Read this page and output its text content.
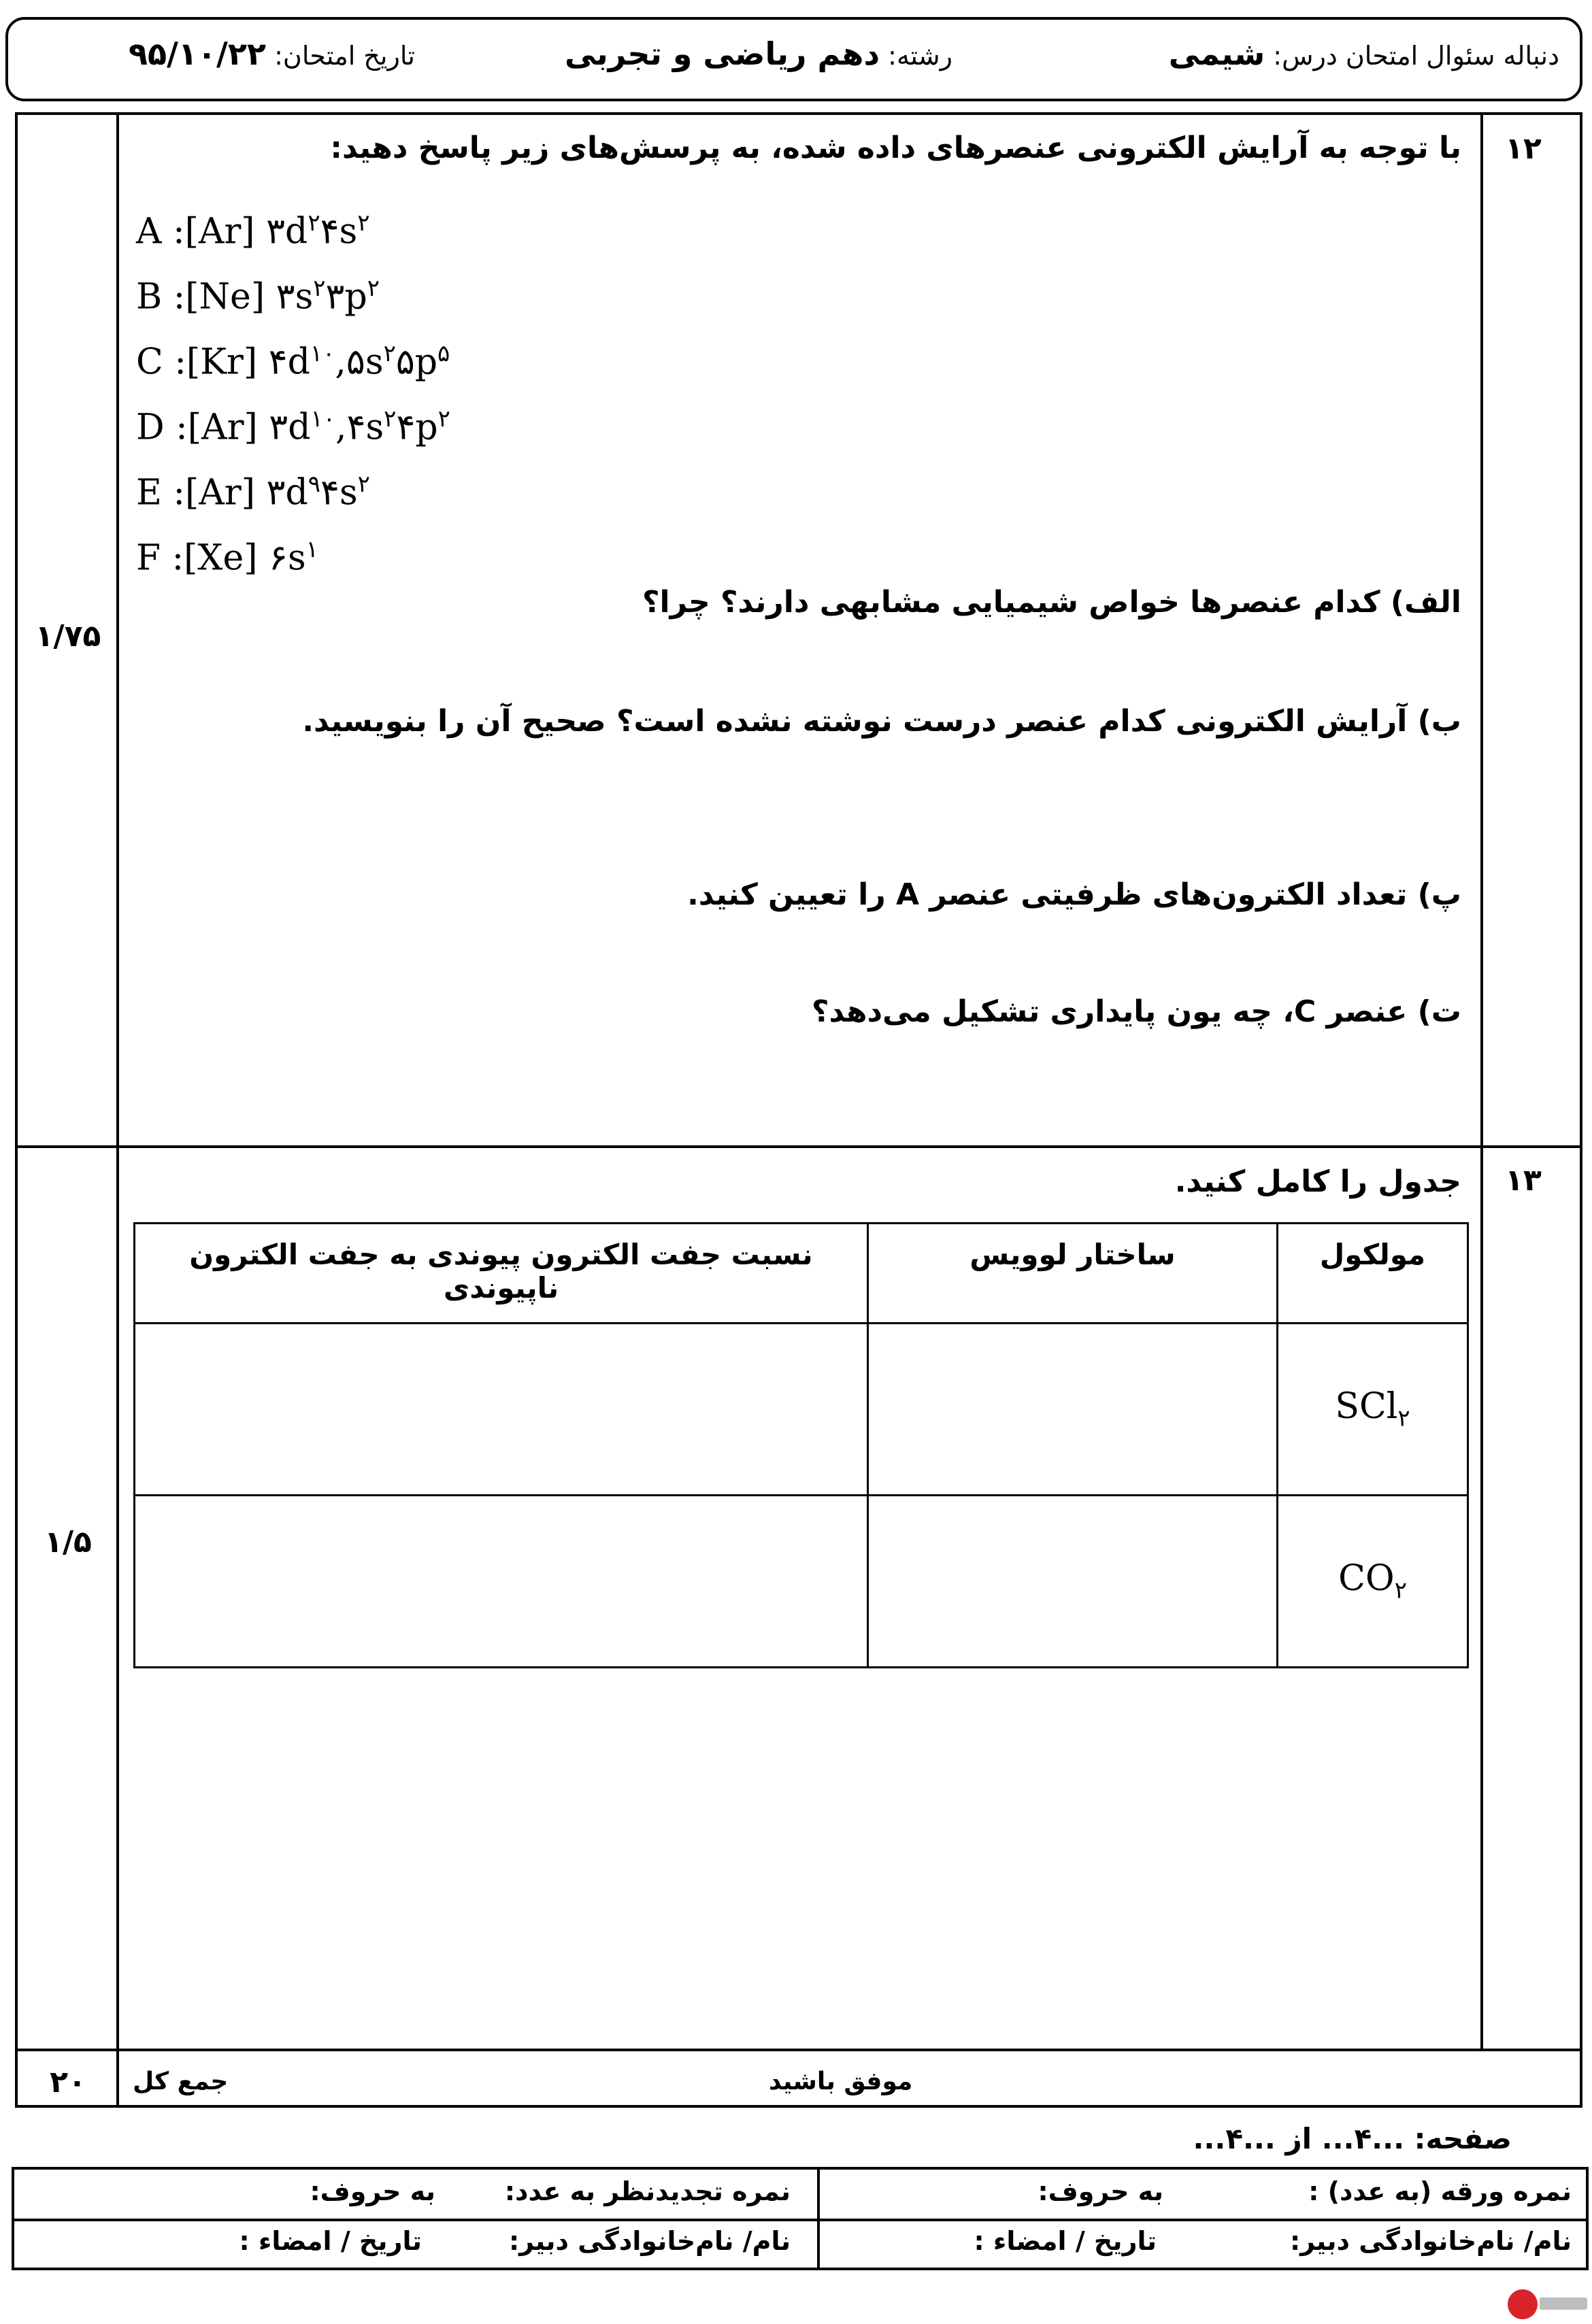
دنباله سئوال امتحان درس: شیمی
رشته: دهم ریاضی و تجربی
تاریخ امتحان: ۹۵/۱۰/۲۲
۱۲
۱/۷۵
با توجه به آرایش الکترونی عنصرهای داده شده، به پرسش‌های زیر پاسخ دهید:
A :[Ar] $۳d^۲۴s^۲$
B :[Ne] $۳s^۲۳p^۲$
C :[Kr] $۴d^{۱۰},۵s^۲۵p^۵$
D :[Ar] $۳d^{۱۰},۴s^۲۴p^۲$
E :[Ar] $۳d^۹۴s^۲$
F :[Xe] $۶s^۱$
الف) کدام عنصرها خواص شیمیایی مشابهی دارند؟ چرا؟
ب) آرایش الکترونی کدام عنصر درست نوشته نشده است؟ صحیح آن را بنویسید.
پ) تعداد الکترون‌های ظرفیتی عنصر A را تعیین کنید.
ت) عنصر C، چه یون پایداری تشکیل می‌دهد؟
۱۳
۱/۵
جدول را کامل کنید.
نسبت جفت الکترون پیوندی به جفت الکترون ناپیوندی	ساختار لوویس	مولکول
		SCl$_۲$
		$CO_۲$
۲۰	جمع کل	موفق باشید
صفحه: ...۴... از ...۴...
نمره ورقه (به عدد) :
به حروف:
نمره تجدیدنظر به عدد:
به حروف:
نام/ نام‌خانوادگی دبیر:
تاریخ / امضاء :
نام/ نام‌خانوادگی دبیر:
تاریخ / امضاء :
